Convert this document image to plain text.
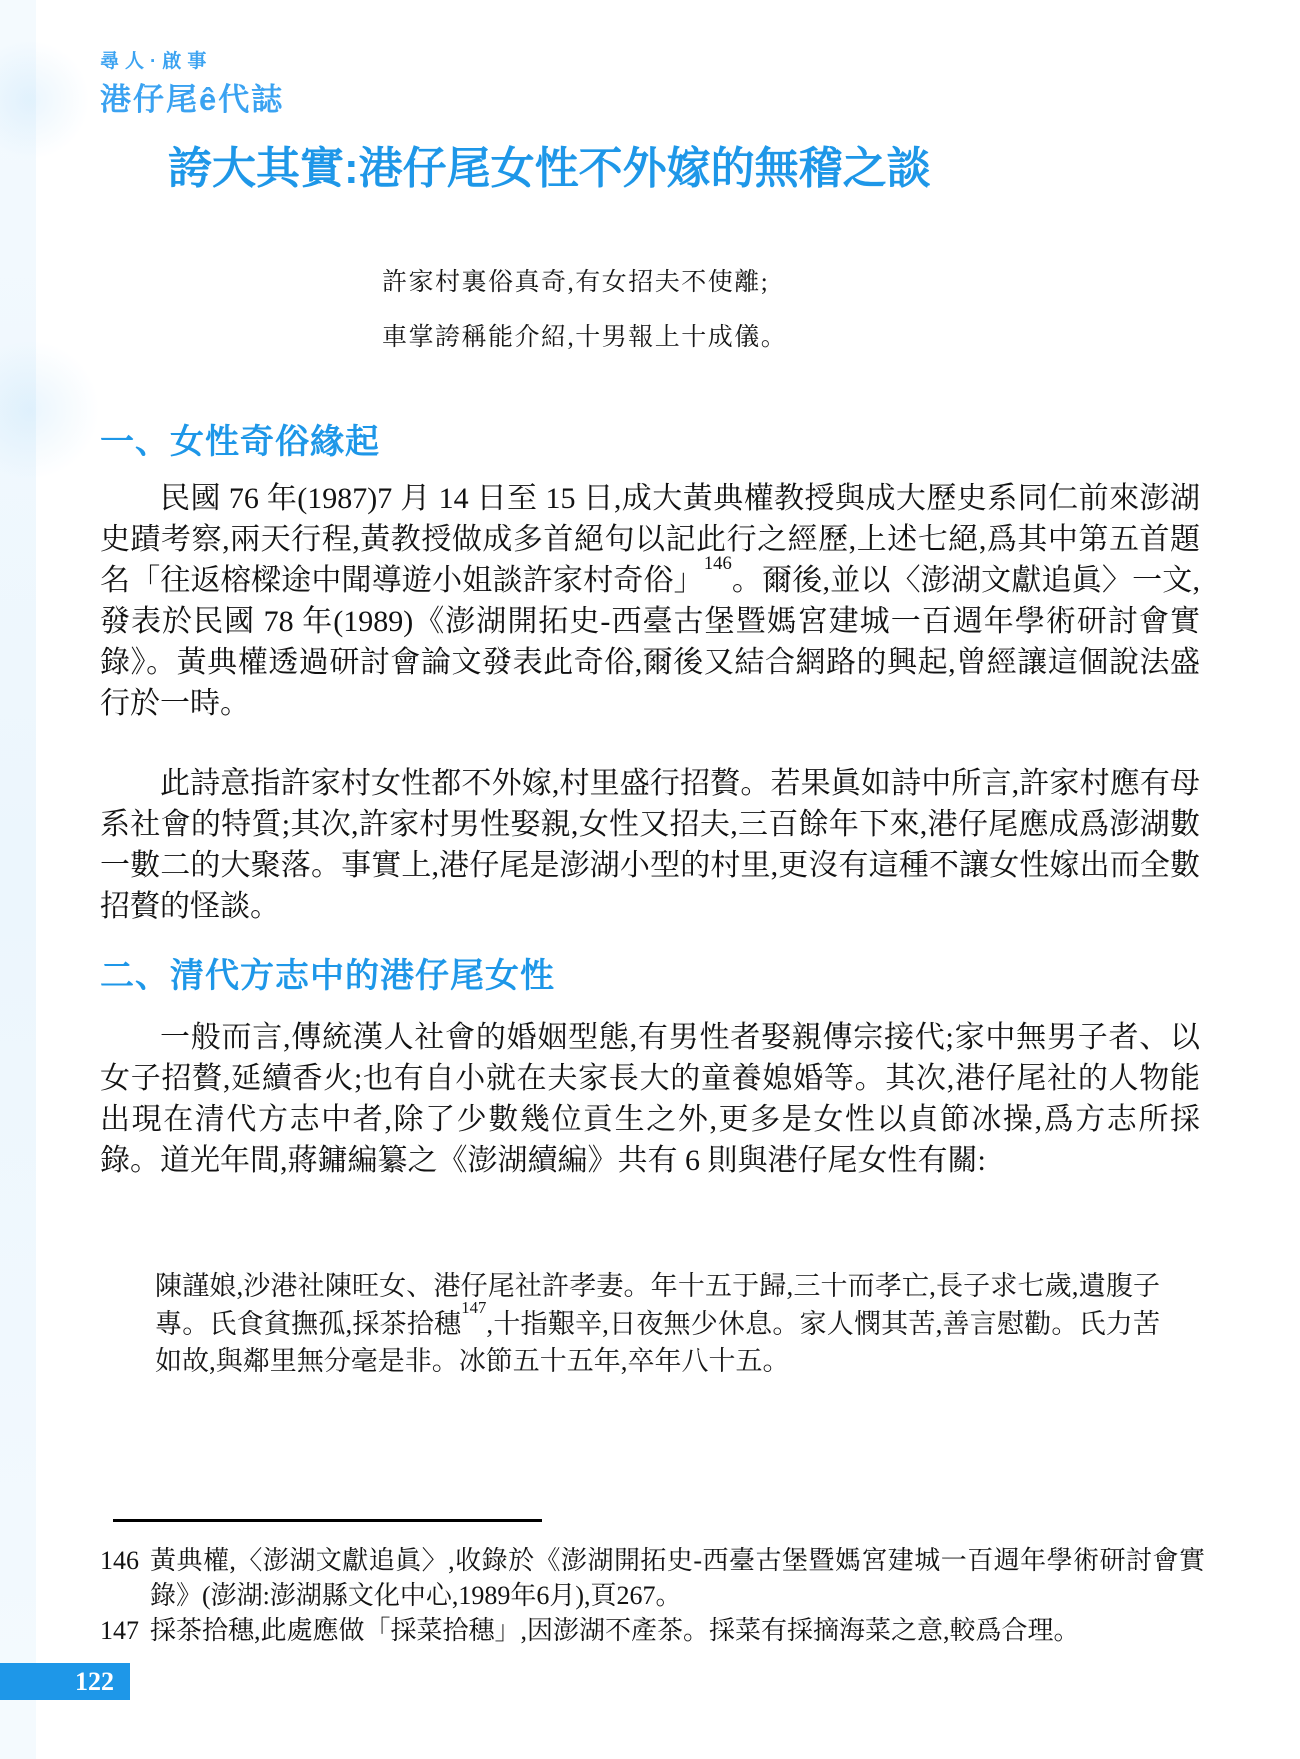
尋人·啟事
港仔尾ê代誌
誇大其實:港仔尾女性不外嫁的無稽之談

許家村裏俗真奇,有女招夫不使離;

車掌誇稱能介紹,十男報上十成儀。

一、女性奇俗緣起

民國 76 年(1987)7 月 14 日至 15 日,成大黃典權教授與成大歷史系同仁前來澎湖史蹟考察,兩天行程,黃教授做成多首絕句以記此行之經歷,上述七絕,爲其中第五首題名「往返榕樑途中聞導遊小姐談許家村奇俗」$^{146}$。爾後,並以〈澎湖文獻追眞〉一文,發表於民國 78 年(1989)《澎湖開拓史-西臺古堡暨媽宮建城一百週年學術研討會實錄》。黃典權透過研討會論文發表此奇俗,爾後又結合網路的興起,曾經讓這個說法盛行於一時。

此詩意指許家村女性都不外嫁,村里盛行招贅。若果眞如詩中所言,許家村應有母系社會的特質;其次,許家村男性娶親,女性又招夫,三百餘年下來,港仔尾應成爲澎湖數一數二的大聚落。事實上,港仔尾是澎湖小型的村里,更沒有這種不讓女性嫁出而全數招贅的怪談。

二、清代方志中的港仔尾女性

一般而言,傳統漢人社會的婚姻型態,有男性者娶親傳宗接代;家中無男子者、以女子招贅,延續香火;也有自小就在夫家長大的童養媳婚等。其次,港仔尾社的人物能出現在清代方志中者,除了少數幾位貢生之外,更多是女性以貞節冰操,爲方志所採錄。道光年間,蔣鏞編纂之《澎湖續編》共有 6 則與港仔尾女性有關:

陳謹娘,沙港社陳旺女、港仔尾社許孝妻。年十五于歸,三十而孝亡,長子求七歲,遺腹子專。氏食貧撫孤,採茶拾穗$^{147}$,十指艱辛,日夜無少休息。家人憫其苦,善言慰勸。氏力苦如故,與鄰里無分毫是非。冰節五十五年,卒年八十五。
146 黃典權,〈澎湖文獻追眞〉,收錄於《澎湖開拓史-西臺古堡暨媽宮建城一百週年學術研討會實錄》(澎湖:澎湖縣文化中心,1989年6月),頁267。
147 採茶拾穗,此處應做「採菜拾穗」,因澎湖不產茶。採菜有採摘海菜之意,較爲合理。
122
